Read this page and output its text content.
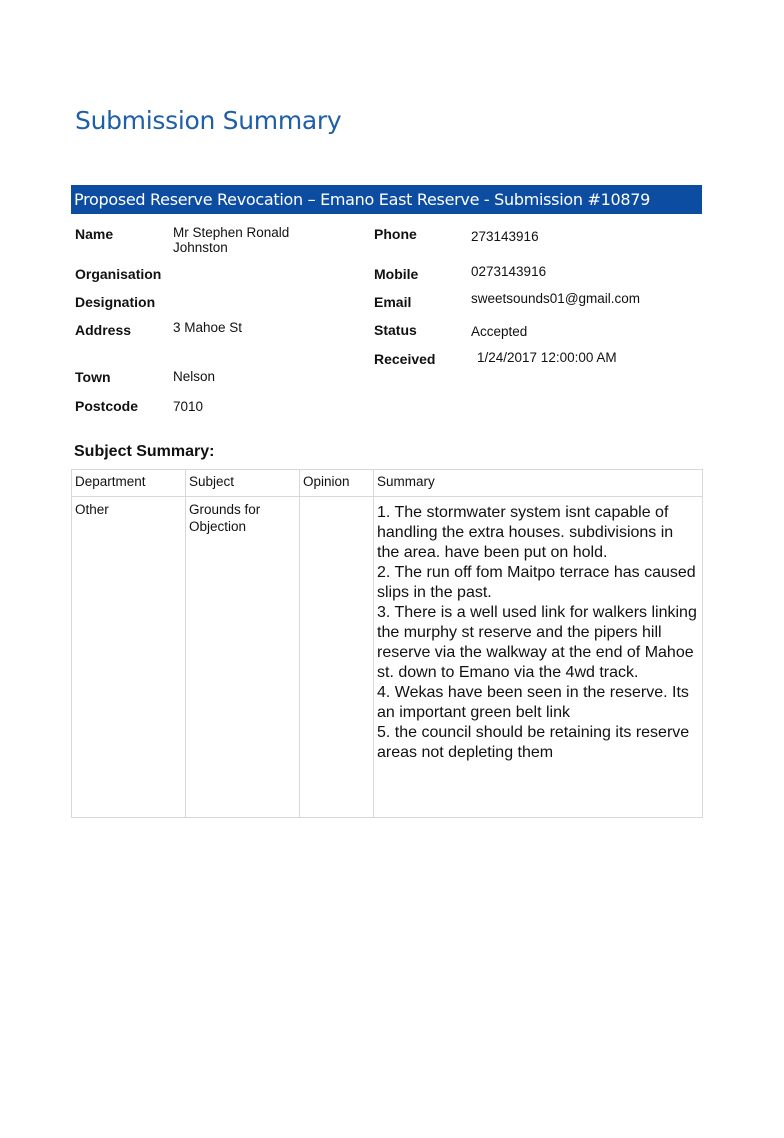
Submission Summary
Proposed Reserve Revocation – Emano East Reserve - Submission #10879
Name	Mr Stephen Ronald Johnston
Organisation
Designation
Address	3 Mahoe St
Town	Nelson
Postcode	7010
Phone	273143916
Mobile	0273143916
Email	sweetsounds01@gmail.com
Status	Accepted
Received	1/24/2017 12:00:00 AM
Subject Summary:
Department	Subject	Opinion	Summary
Other	Grounds for Objection		1. The stormwater system isnt capable of handling the extra houses. subdivisions in the area. have been put on hold.
2. The run off fom Maitpo terrace has caused slips in the past.
3. There is a well used link for walkers linking the murphy st reserve and the pipers hill reserve via the walkway at the end of Mahoe st. down to Emano via the 4wd track.
4. Wekas have been seen in the reserve. Its an important green belt link
5. the council should be retaining its reserve areas not depleting them
